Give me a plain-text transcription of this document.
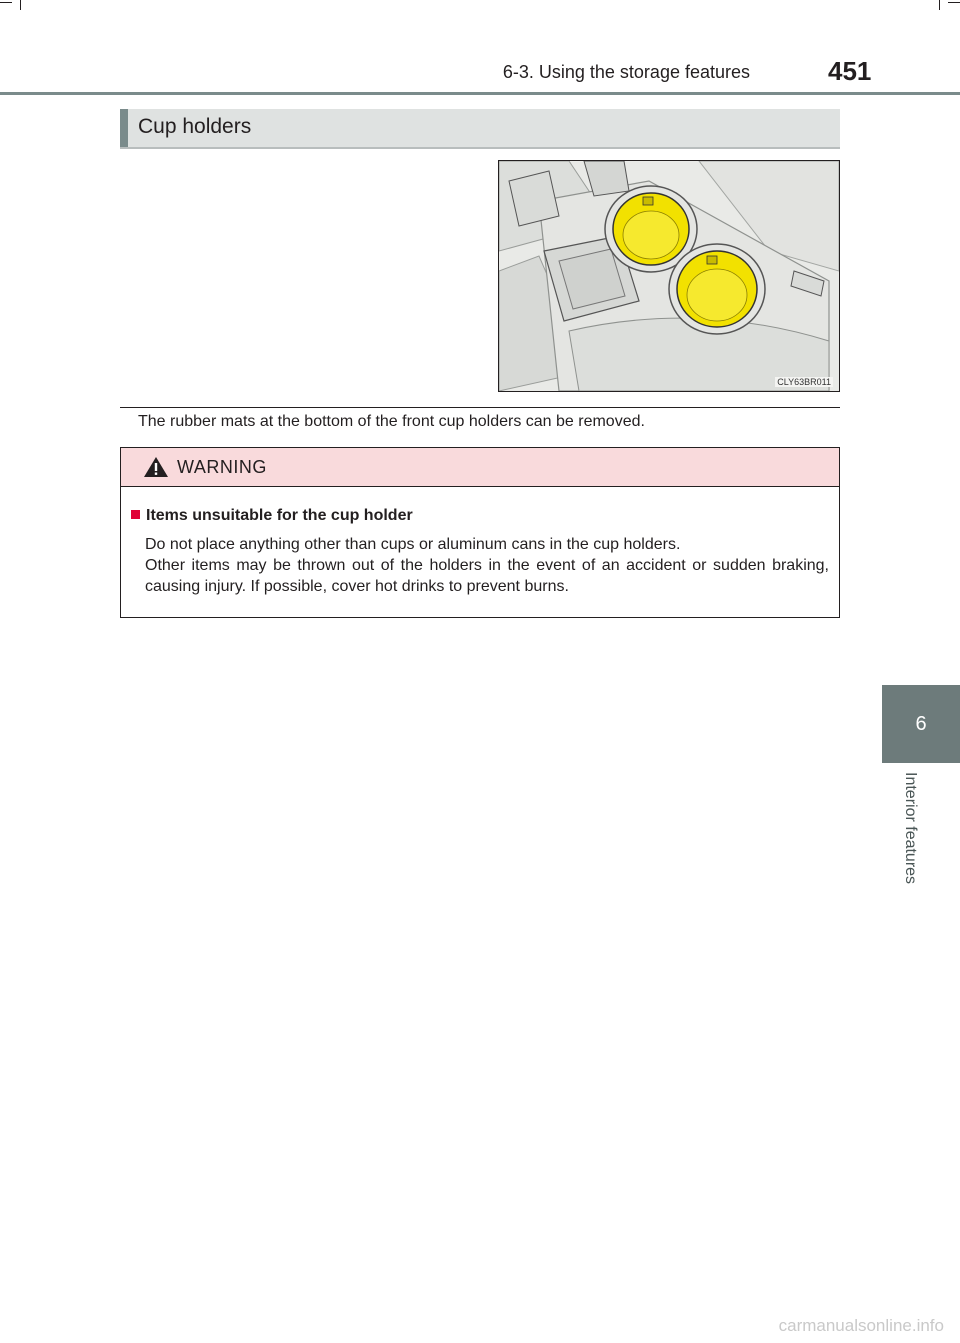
6-3. Using the storage features	451
6
Interior features
Cup holders
CLY63BR011
The rubber mats at the bottom of the front cup holders can be removed.
WARNING
Items unsuitable for the cup holder
Do not place anything other than cups or aluminum cans in the cup holders.
Other items may be thrown out of the holders in the event of an accident or sudden braking, causing injury. If possible, cover hot drinks to prevent burns.
carmanualsonline.info
